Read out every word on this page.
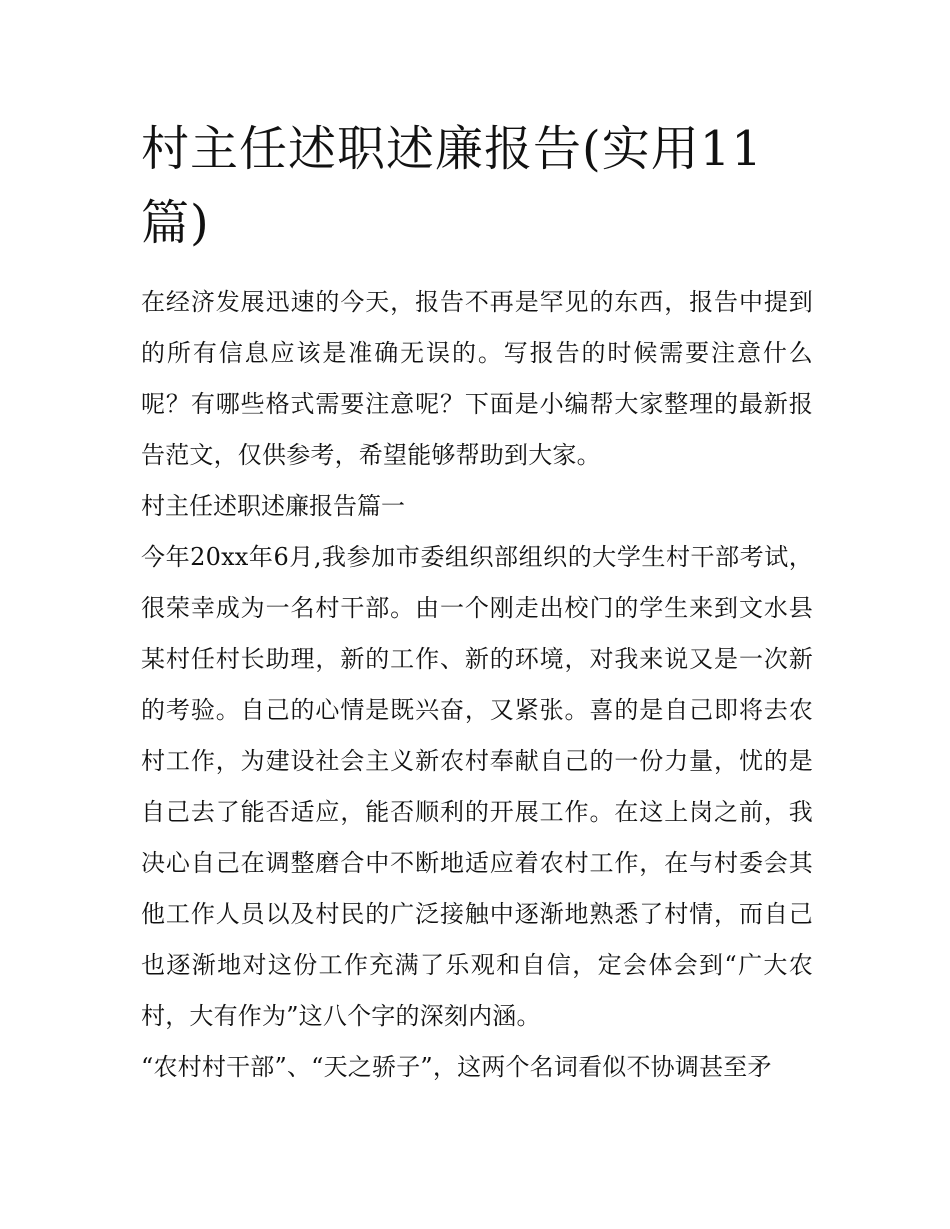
村主任述职述廉报告(实用11篇)

在经济发展迅速的今天，报告不再是罕见的东西，报告中提到的所有信息应该是准确无误的。写报告的时候需要注意什么呢？有哪些格式需要注意呢？下面是小编帮大家整理的最新报告范文，仅供参考，希望能够帮助到大家。

村主任述职述廉报告篇一

今年20xx年6月,我参加市委组织部组织的大学生村干部考试，很荣幸成为一名村干部。由一个刚走出校门的学生来到文水县某村任村长助理，新的工作、新的环境，对我来说又是一次新的考验。自己的心情是既兴奋，又紧张。喜的是自己即将去农村工作，为建设社会主义新农村奉献自己的一份力量，忧的是自己去了能否适应，能否顺利的开展工作。在这上岗之前，我决心自己在调整磨合中不断地适应着农村工作，在与村委会其他工作人员以及村民的广泛接触中逐渐地熟悉了村情，而自己也逐渐地对这份工作充满了乐观和自信，定会体会到“广大农村，大有作为”这八个字的深刻内涵。

“农村村干部”、“天之骄子”，这两个名词看似不协调甚至矛
